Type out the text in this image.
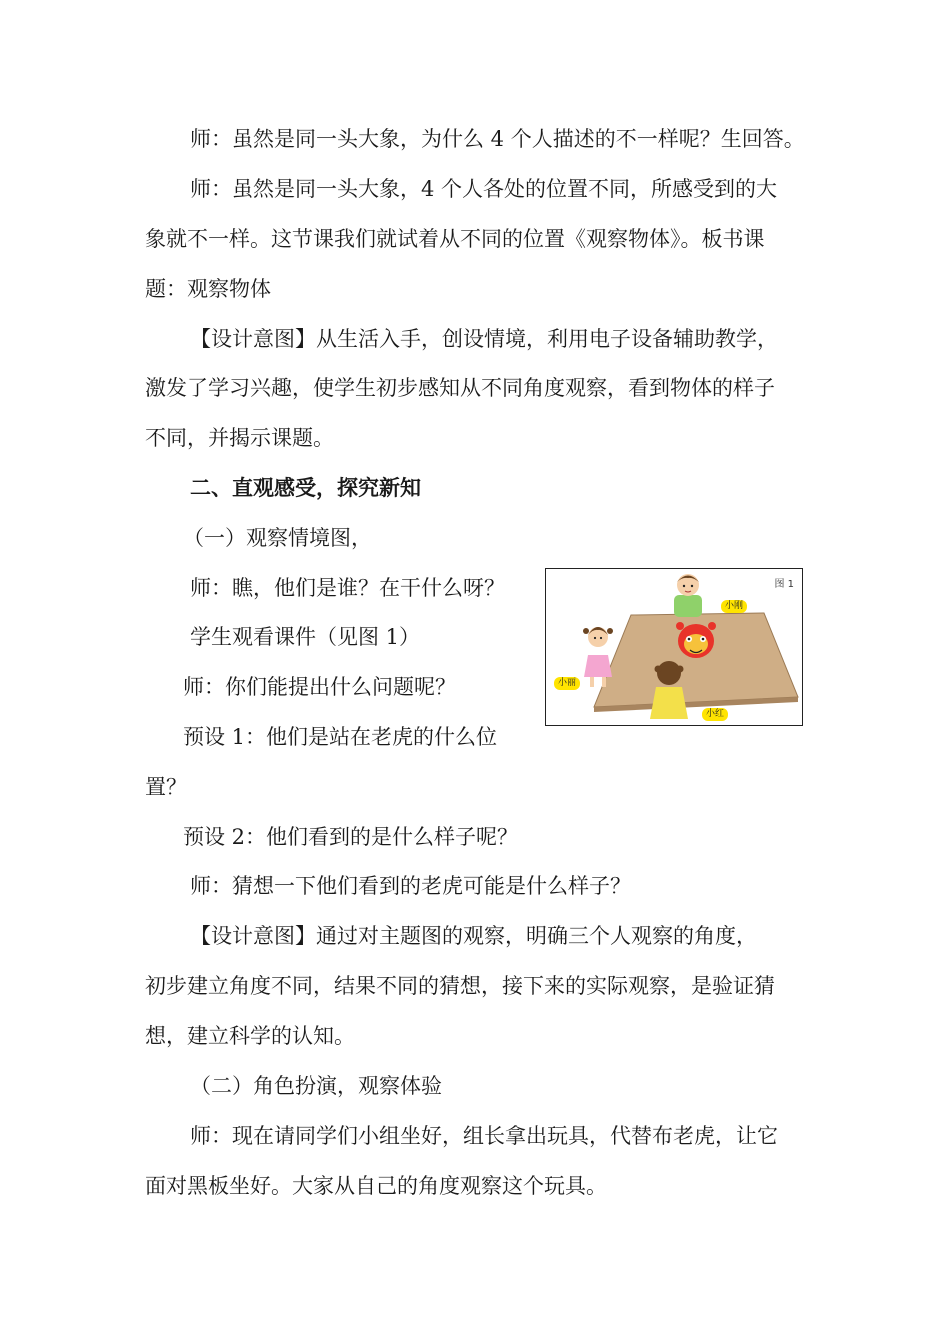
师：虽然是同一头大象，为什么 4 个人描述的不一样呢？生回答。
师：虽然是同一头大象，4 个人各处的位置不同，所感受到的大
象就不一样。这节课我们就试着从不同的位置《观察物体》。板书课
题：观察物体
【设计意图】从生活入手，创设情境，利用电子设备辅助教学，
激发了学习兴趣，使学生初步感知从不同角度观察，看到物体的样子
不同，并揭示课题。
二、直观感受，探究新知
（一）观察情境图，
师：瞧，他们是谁？在干什么呀？
学生观看课件（见图 1）
师：你们能提出什么问题呢？
预设 1：他们是站在老虎的什么位
置？
预设 2：他们看到的是什么样子呢？
师：猜想一下他们看到的老虎可能是什么样子？
【设计意图】通过对主题图的观察，明确三个人观察的角度，
初步建立角度不同，结果不同的猜想，接下来的实际观察，是验证猜
想，建立科学的认知。
（二）角色扮演，观察体验
师：现在请同学们小组坐好，组长拿出玩具，代替布老虎，让它
面对黑板坐好。大家从自己的角度观察这个玩具。
图 1
小刚
小丽
小红
